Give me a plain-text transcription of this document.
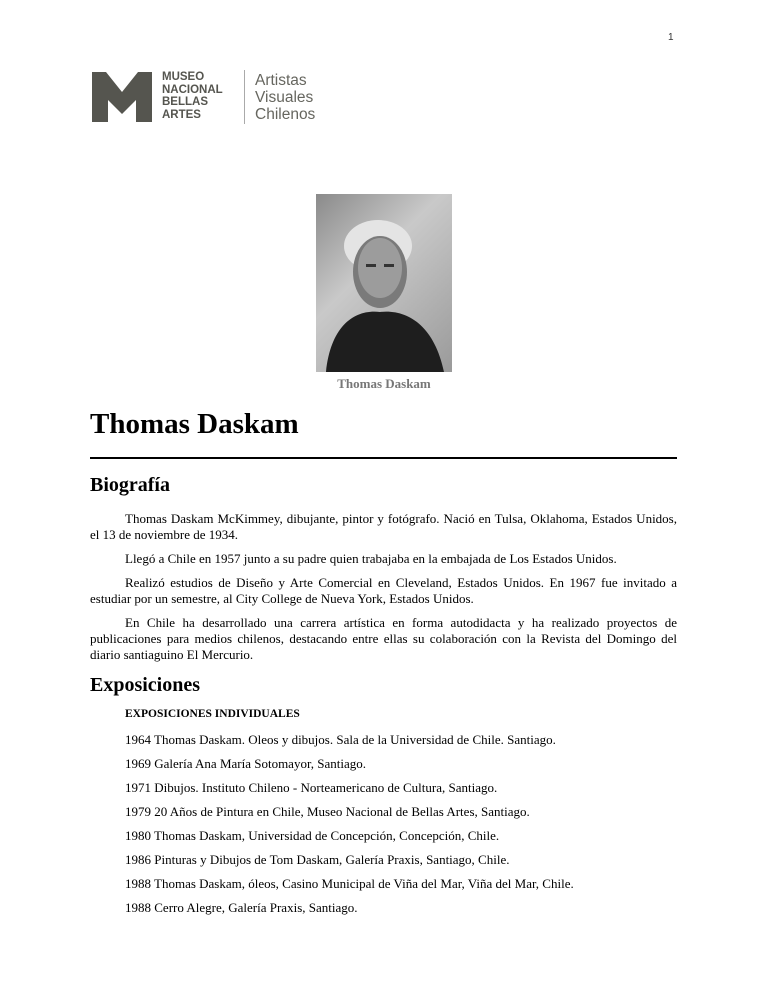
1
MUSEO
NACIONAL
BELLAS
ARTES
Artistas
Visuales
Chilenos
Thomas Daskam
Thomas Daskam
Biografía

Thomas Daskam McKimmey, dibujante, pintor y fotógrafo. Nació en Tulsa, Oklahoma, Estados Unidos, el 13 de noviembre de 1934.

Llegó a Chile en 1957 junto a su padre quien trabajaba en la embajada de Los Estados Unidos.

Realizó estudios de Diseño y Arte Comercial en Cleveland, Estados Unidos. En 1967 fue invitado a estudiar por un semestre, al City College de Nueva York, Estados Unidos.

En Chile ha desarrollado una carrera artística en forma autodidacta y ha realizado proyectos de publicaciones para medios chilenos, destacando entre ellas su colaboración con la Revista del Domingo del diario santiaguino El Mercurio.

Exposiciones
EXPOSICIONES INDIVIDUALES
1964 Thomas Daskam. Oleos y dibujos. Sala de la Universidad de Chile. Santiago.
1969 Galería Ana María Sotomayor, Santiago.
1971 Dibujos. Instituto Chileno - Norteamericano de Cultura, Santiago.
1979 20 Años de Pintura en Chile, Museo Nacional de Bellas Artes, Santiago.
1980 Thomas Daskam, Universidad de Concepción, Concepción, Chile.
1986 Pinturas y Dibujos de Tom Daskam, Galería Praxis, Santiago, Chile.
1988 Thomas Daskam, óleos, Casino Municipal de Viña del Mar, Viña del Mar, Chile.
1988 Cerro Alegre, Galería Praxis, Santiago.
